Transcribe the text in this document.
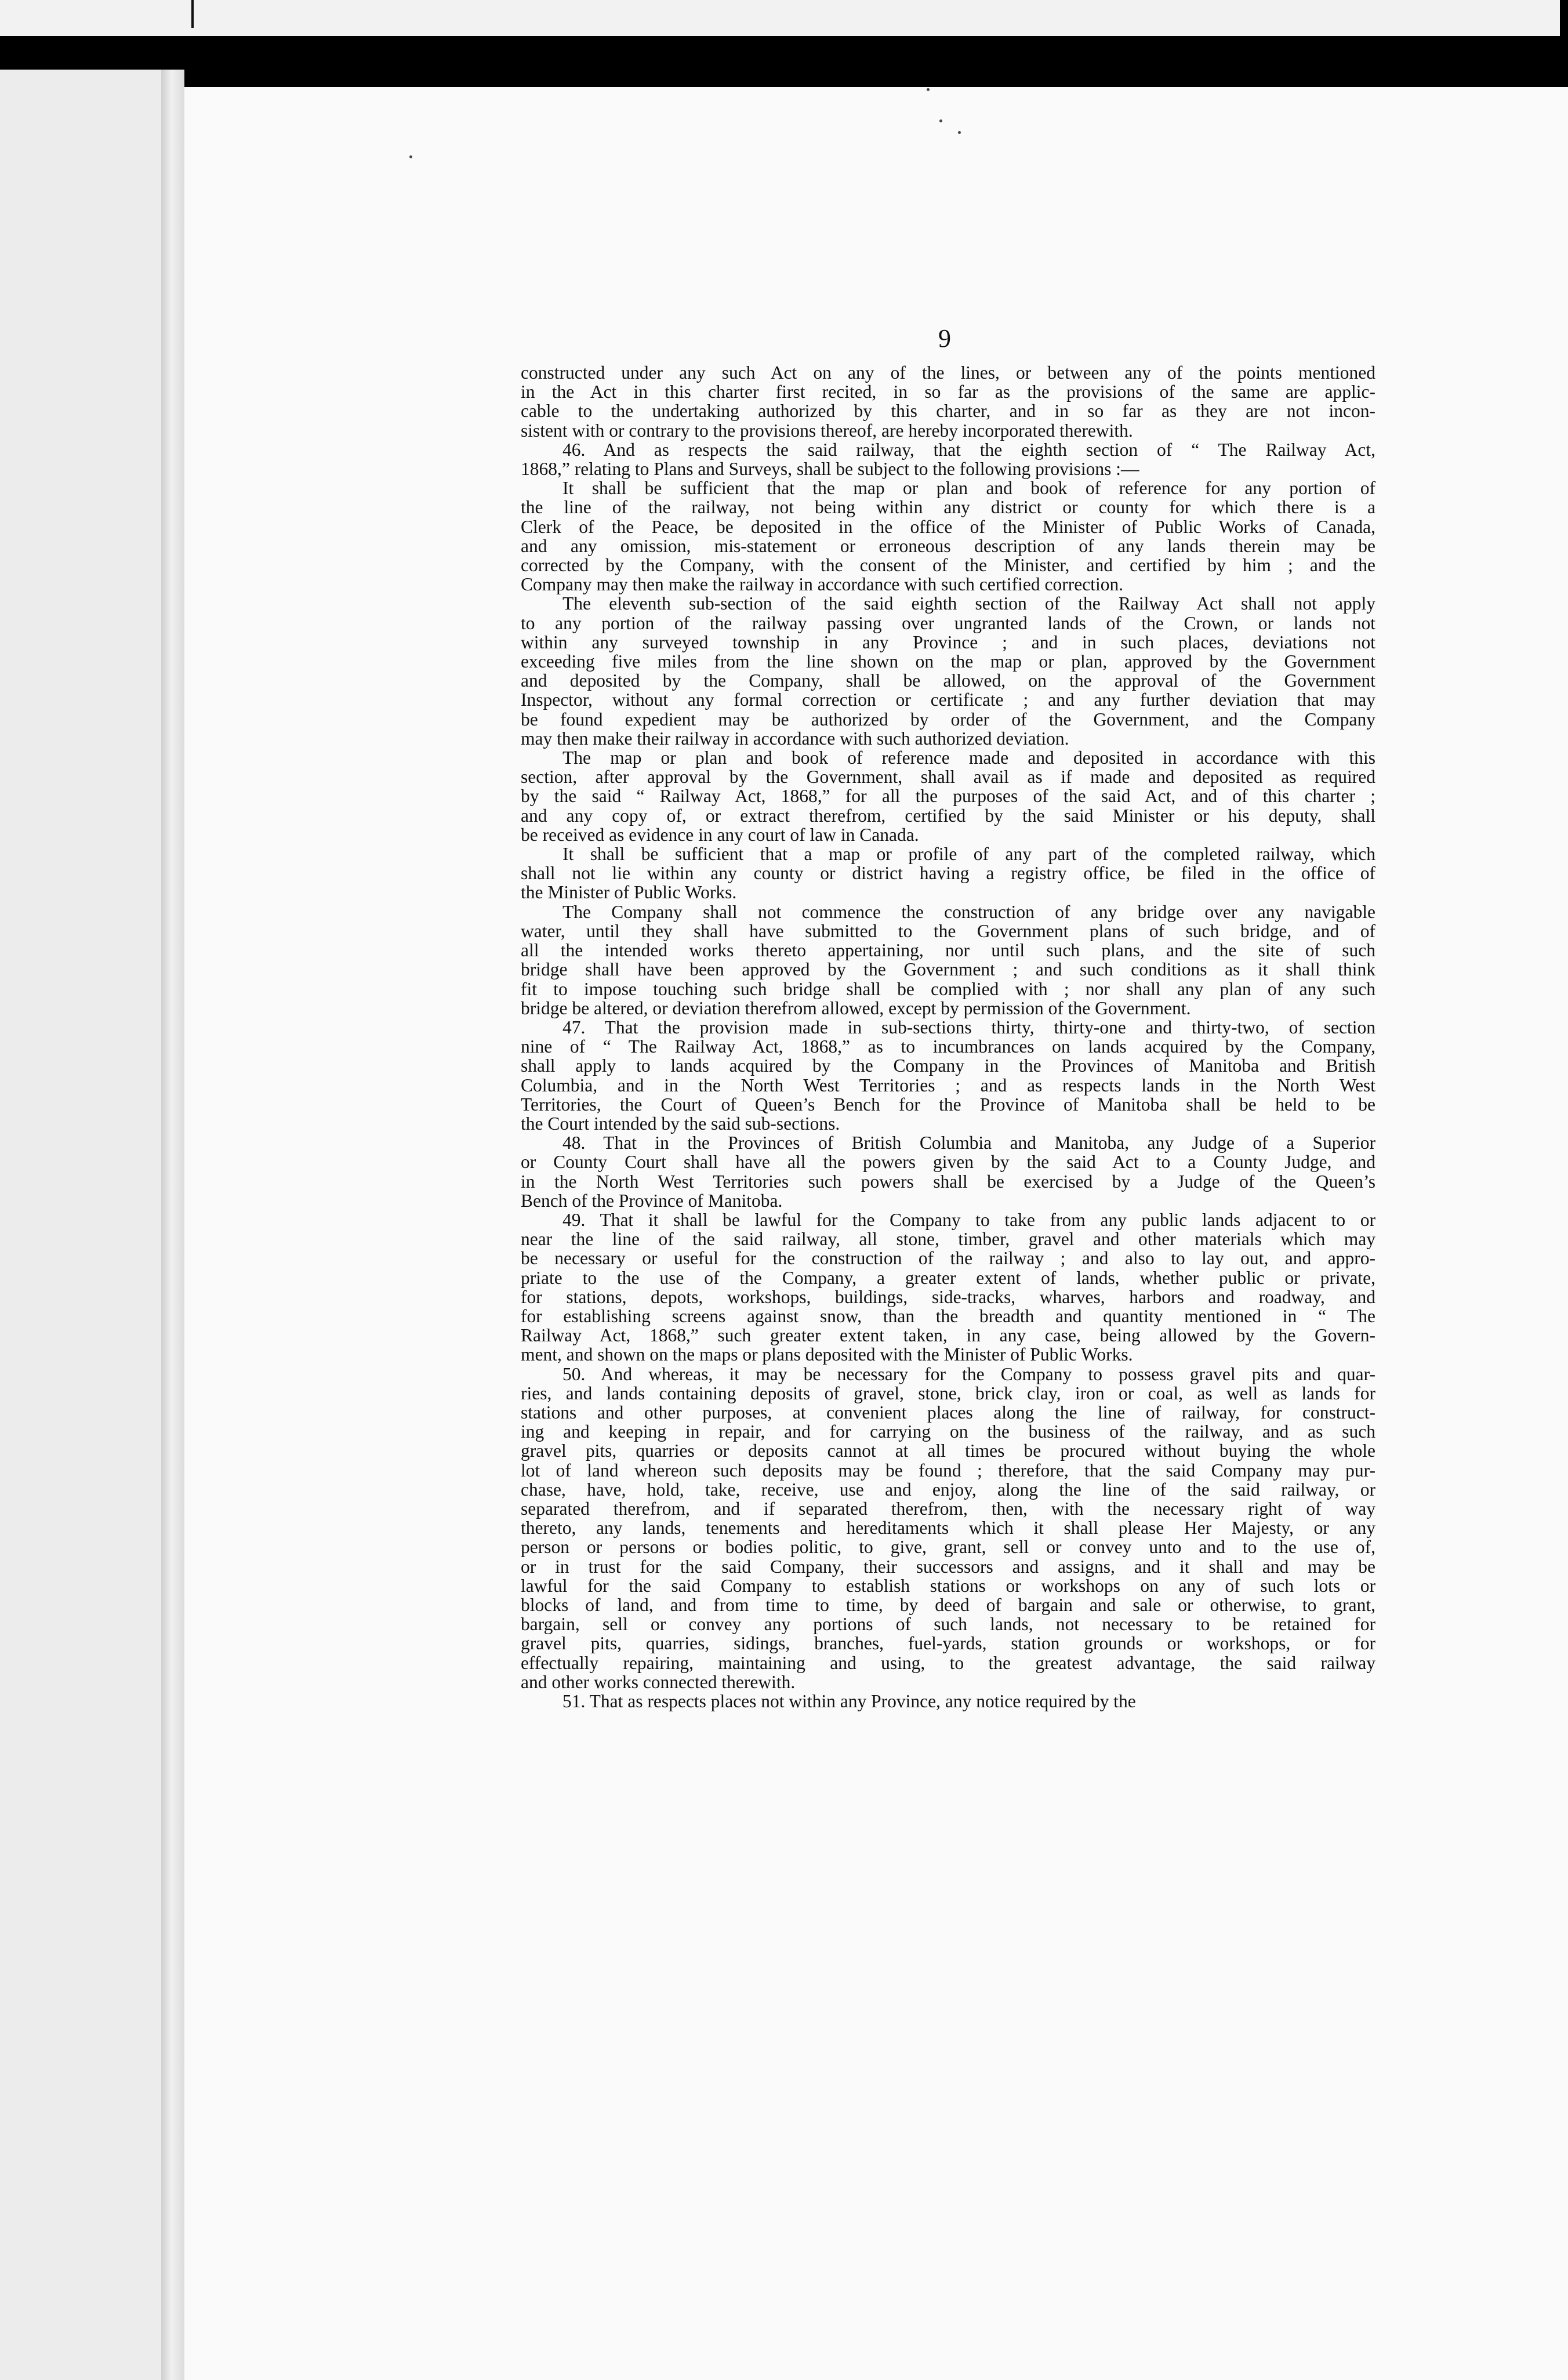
9

constructed under any such Act on any of the lines, or between any of the points mentioned

in the Act in this charter first recited, in so far as the provisions of the same are applic-

cable to the undertaking authorized by this charter, and in so far as they are not incon-

sistent with or contrary to the provisions thereof, are hereby incorporated therewith.

46. And as respects the said railway, that the eighth section of “ The Railway Act,

1868,” relating to Plans and Surveys, shall be subject to the following provisions :—

It shall be sufficient that the map or plan and book of reference for any portion of

the line of the railway, not being within any district or county for which there is a

Clerk of the Peace, be deposited in the office of the Minister of Public Works of Canada,

and any omission, mis-statement or erroneous description of any lands therein may be

corrected by the Company, with the consent of the Minister, and certified by him ; and the

Company may then make the railway in accordance with such certified correction.

The eleventh sub-section of the said eighth section of the Railway Act shall not apply

to any portion of the railway passing over ungranted lands of the Crown, or lands not

within any surveyed township in any Province ; and in such places, deviations not

exceeding five miles from the line shown on the map or plan, approved by the Government

and deposited by the Company, shall be allowed, on the approval of the Government

Inspector, without any formal correction or certificate ; and any further deviation that may

be found expedient may be authorized by order of the Government, and the Company

may then make their railway in accordance with such authorized deviation.

The map or plan and book of reference made and deposited in accordance with this

section, after approval by the Government, shall avail as if made and deposited as required

by the said “ Railway Act, 1868,” for all the purposes of the said Act, and of this charter ;

and any copy of, or extract therefrom, certified by the said Minister or his deputy, shall

be received as evidence in any court of law in Canada.

It shall be sufficient that a map or profile of any part of the completed railway, which

shall not lie within any county or district having a registry office, be filed in the office of

the Minister of Public Works.

The Company shall not commence the construction of any bridge over any navigable

water, until they shall have submitted to the Government plans of such bridge, and of

all the intended works thereto appertaining, nor until such plans, and the site of such

bridge shall have been approved by the Government ; and such conditions as it shall think

fit to impose touching such bridge shall be complied with ; nor shall any plan of any such

bridge be altered, or deviation therefrom allowed, except by permission of the Government.

47. That the provision made in sub-sections thirty, thirty-one and thirty-two, of section

nine of “ The Railway Act, 1868,” as to incumbrances on lands acquired by the Company,

shall apply to lands acquired by the Company in the Provinces of Manitoba and British

Columbia, and in the North West Territories ; and as respects lands in the North West

Territories, the Court of Queen’s Bench for the Province of Manitoba shall be held to be

the Court intended by the said sub-sections.

48. That in the Provinces of British Columbia and Manitoba, any Judge of a Superior

or County Court shall have all the powers given by the said Act to a County Judge, and

in the North West Territories such powers shall be exercised by a Judge of the Queen’s

Bench of the Province of Manitoba.

49. That it shall be lawful for the Company to take from any public lands adjacent to or

near the line of the said railway, all stone, timber, gravel and other materials which may

be necessary or useful for the construction of the railway ; and also to lay out, and appro-

priate to the use of the Company, a greater extent of lands, whether public or private,

for stations, depots, workshops, buildings, side-tracks, wharves, harbors and roadway, and

for establishing screens against snow, than the breadth and quantity mentioned in “ The

Railway Act, 1868,” such greater extent taken, in any case, being allowed by the Govern-

ment, and shown on the maps or plans deposited with the Minister of Public Works.

50. And whereas, it may be necessary for the Company to possess gravel pits and quar-

ries, and lands containing deposits of gravel, stone, brick clay, iron or coal, as well as lands for

stations and other purposes, at convenient places along the line of railway, for construct-

ing and keeping in repair, and for carrying on the business of the railway, and as such

gravel pits, quarries or deposits cannot at all times be procured without buying the whole

lot of land whereon such deposits may be found ; therefore, that the said Company may pur-

chase, have, hold, take, receive, use and enjoy, along the line of the said railway, or

separated therefrom, and if separated therefrom, then, with the necessary right of way

thereto, any lands, tenements and hereditaments which it shall please Her Majesty, or any

person or persons or bodies politic, to give, grant, sell or convey unto and to the use of,

or in trust for the said Company, their successors and assigns, and it shall and may be

lawful for the said Company to establish stations or workshops on any of such lots or

blocks of land, and from time to time, by deed of bargain and sale or otherwise, to grant,

bargain, sell or convey any portions of such lands, not necessary to be retained for

gravel pits, quarries, sidings, branches, fuel-yards, station grounds or workshops, or for

effectually repairing, maintaining and using, to the greatest advantage, the said railway

and other works connected therewith.

51. That as respects places not within any Province, any notice required by the
